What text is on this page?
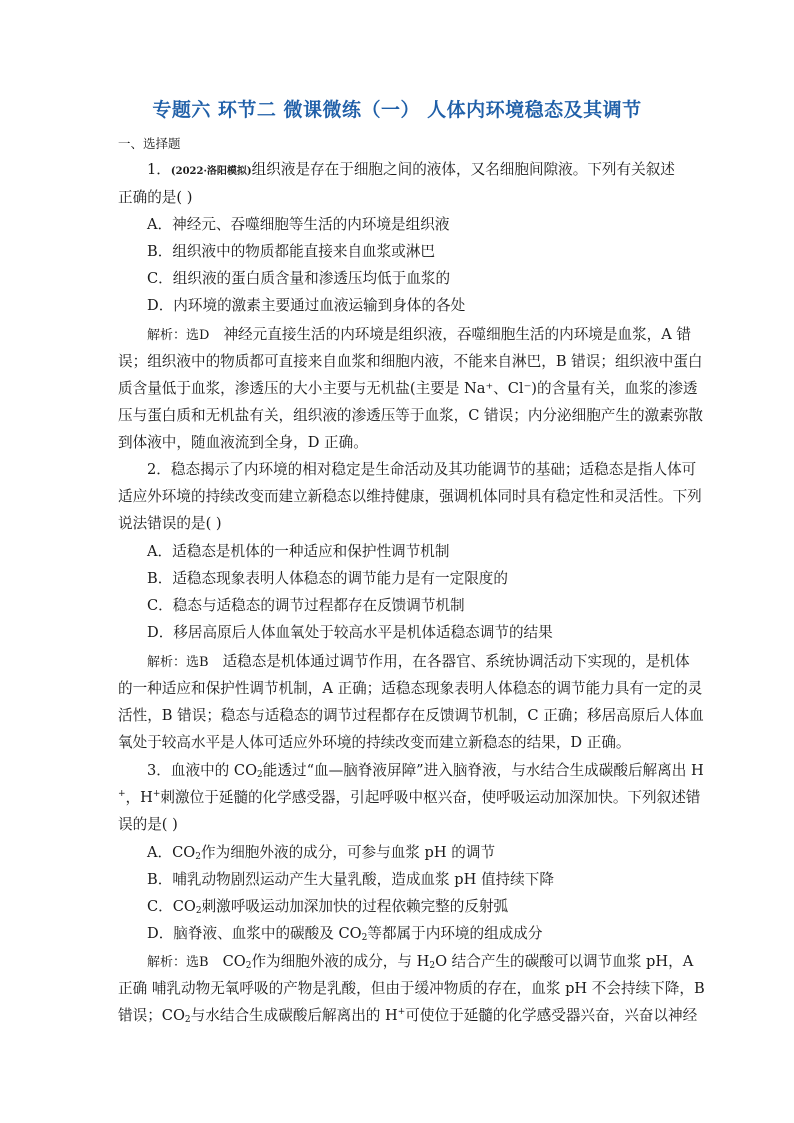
专题六 环节二 微课微练（一） 人体内环境稳态及其调节
一、选择题
1．(2022·洛阳模拟)组织液是存在于细胞之间的液体，又名细胞间隙液。下列有关叙述
正确的是( )
A．神经元、吞噬细胞等生活的内环境是组织液
B．组织液中的物质都能直接来自血浆或淋巴
C．组织液的蛋白质含量和渗透压均低于血浆的
D．内环境的激素主要通过血液运输到身体的各处
解析：选D 神经元直接生活的内环境是组织液，吞噬细胞生活的内环境是血浆，A 错
误；组织液中的物质都可直接来自血浆和细胞内液，不能来自淋巴，B 错误；组织液中蛋白
质含量低于血浆，渗透压的大小主要与无机盐(主要是 Na⁺、Cl⁻)的含量有关，血浆的渗透
压与蛋白质和无机盐有关，组织液的渗透压等于血浆，C 错误；内分泌细胞产生的激素弥散
到体液中，随血液流到全身，D 正确。
2．稳态揭示了内环境的相对稳定是生命活动及其功能调节的基础；适稳态是指人体可
适应外环境的持续改变而建立新稳态以维持健康，强调机体同时具有稳定性和灵活性。下列
说法错误的是( )
A．适稳态是机体的一种适应和保护性调节机制
B．适稳态现象表明人体稳态的调节能力是有一定限度的
C．稳态与适稳态的调节过程都存在反馈调节机制
D．移居高原后人体血氧处于较高水平是机体适稳态调节的结果
解析：选B 适稳态是机体通过调节作用，在各器官、系统协调活动下实现的，是机体
的一种适应和保护性调节机制，A 正确；适稳态现象表明人体稳态的调节能力具有一定的灵
活性，B 错误；稳态与适稳态的调节过程都存在反馈调节机制，C 正确；移居高原后人体血
氧处于较高水平是人体可适应外环境的持续改变而建立新稳态的结果，D 正确。
3．血液中的 $CO_2$能透过“血—脑脊液屏障”进入脑脊液，与水结合生成碳酸后解离出 H
+，H+刺激位于延髓的化学感受器，引起呼吸中枢兴奋，使呼吸运动加深加快。下列叙述错
误的是( )
A．$CO_2$作为细胞外液的成分，可参与血浆 pH 的调节
B．哺乳动物剧烈运动产生大量乳酸，造成血浆 pH 值持续下降
C．$CO_2$刺激呼吸运动加深加快的过程依赖完整的反射弧
D．脑脊液、血浆中的碳酸及 $CO_2$等都属于内环境的组成成分
解析：选B $CO_2$作为细胞外液的成分，与 $H_2O$ 结合产生的碳酸可以调节血浆 pH，A
正确 哺乳动物无氧呼吸的产物是乳酸，但由于缓冲物质的存在，血浆 pH 不会持续下降，B
错误；$CO_2$与水结合生成碳酸后解离出的 H+可使位于延髓的化学感受器兴奋，兴奋以神经
